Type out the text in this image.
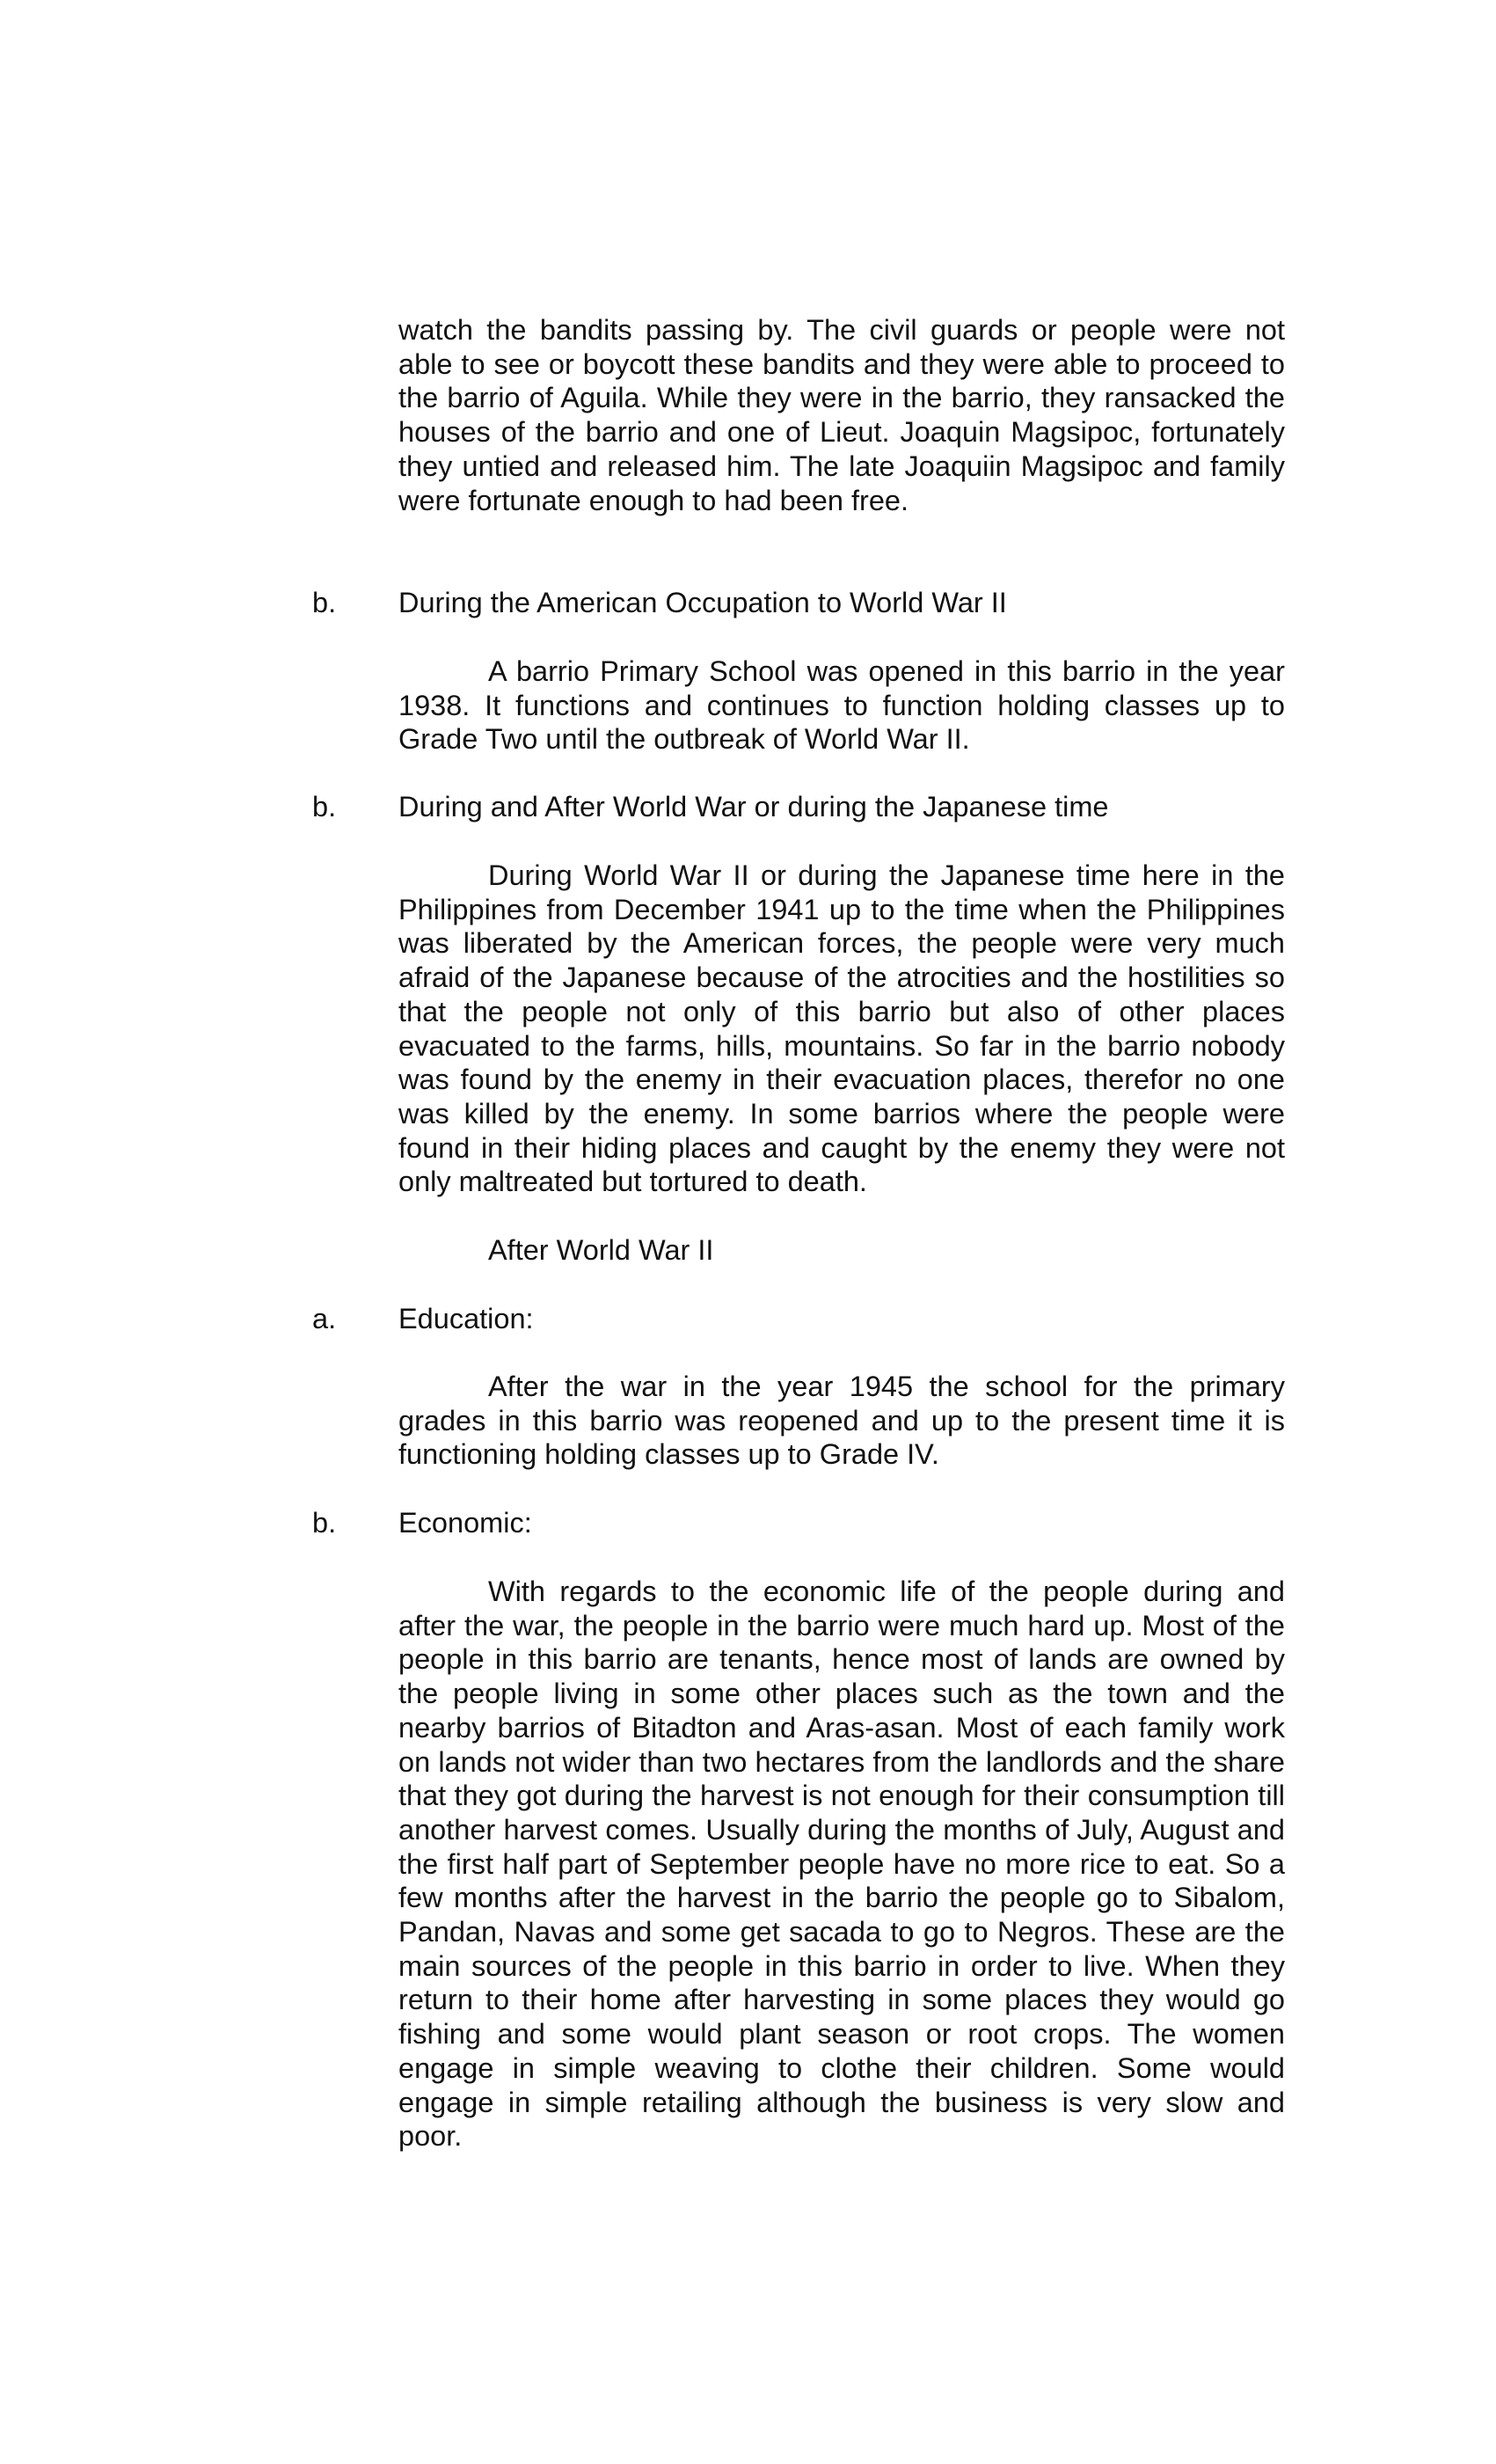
watch the bandits passing by. The civil guards or people were not able to see or boycott these bandits and they were able to proceed to the barrio of Aguila. While they were in the barrio, they ransacked the houses of the barrio and one of Lieut. Joaquin Magsipoc, fortunately they untied and released him. The late Joaquiin Magsipoc and family were fortunate enough to had been free.

b. During the American Occupation to World War II

A barrio Primary School was opened in this barrio in the year 1938. It functions and continues to function holding classes up to Grade Two until the outbreak of World War II.

b. During and After World War or during the Japanese time

During World War II or during the Japanese time here in the Philippines from December 1941 up to the time when the Philippines was liberated by the American forces, the people were very much afraid of the Japanese because of the atrocities and the hostilities so that the people not only of this barrio but also of other places evacuated to the farms, hills, mountains. So far in the barrio nobody was found by the enemy in their evacuation places, therefor no one was killed by the enemy. In some barrios where the people were found in their hiding places and caught by the enemy they were not only maltreated but tortured to death.

After World War II
a. Education:

After the war in the year 1945 the school for the primary grades in this barrio was reopened and up to the present time it is functioning holding classes up to Grade IV.

b. Economic:

With regards to the economic life of the people during and after the war, the people in the barrio were much hard up. Most of the people in this barrio are tenants, hence most of lands are owned by the people living in some other places such as the town and the nearby barrios of Bitadton and Aras-asan. Most of each family work on lands not wider than two hectares from the landlords and the share that they got during the harvest is not enough for their consumption till another harvest comes. Usually during the months of July, August and the first half part of September people have no more rice to eat. So a few months after the harvest in the barrio the people go to Sibalom, Pandan, Navas and some get sacada to go to Negros. These are the main sources of the people in this barrio in order to live. When they return to their home after harvesting in some places they would go fishing and some would plant season or root crops. The women engage in simple weaving to clothe their children. Some would engage in simple retailing although the business is very slow and poor.
